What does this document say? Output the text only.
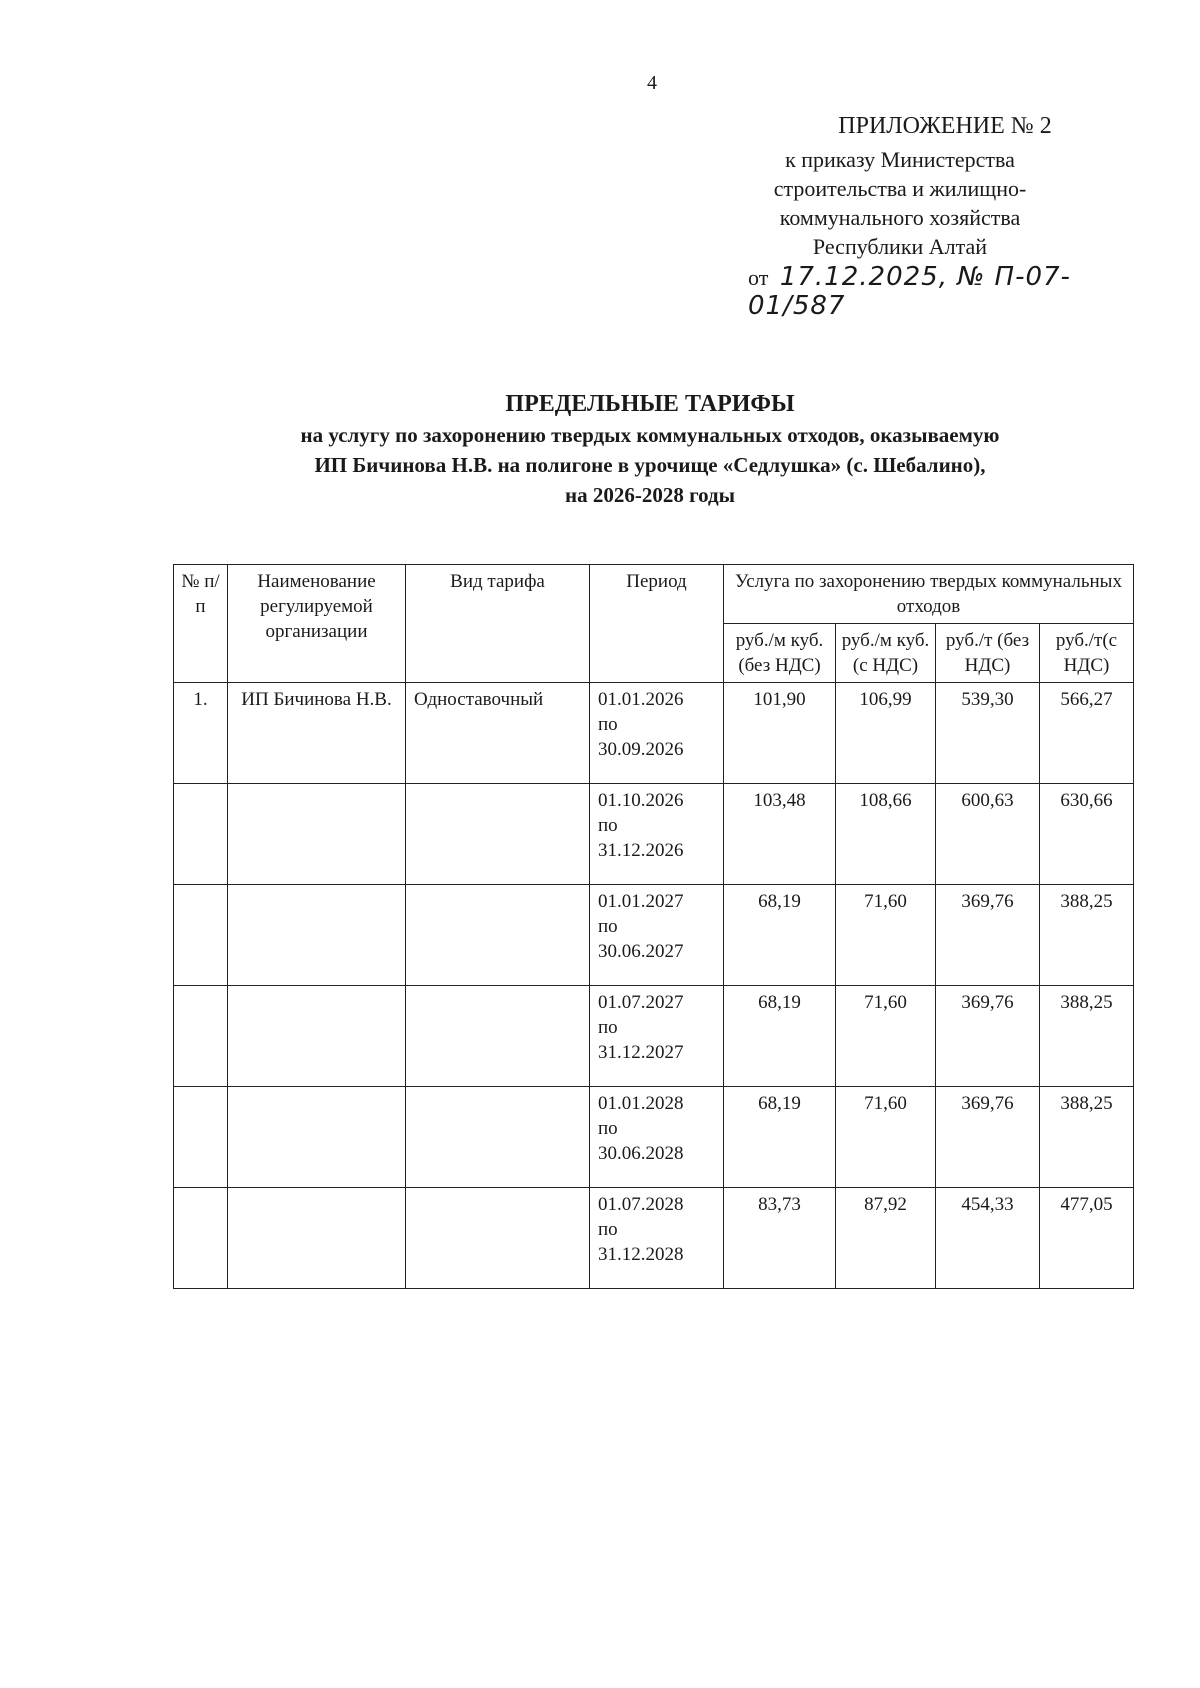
4
ПРИЛОЖЕНИЕ № 2
к приказу Министерства
строительства и жилищно-
коммунального хозяйства
Республики Алтай
от 17.12.2025, № П-07-01/587
ПРЕДЕЛЬНЫЕ ТАРИФЫ
на услугу по захоронению твердых коммунальных отходов, оказываемую
ИП Бичинова Н.В. на полигоне в урочище «Седлушка» (с. Шебалино),
на 2026-2028 годы
№ п/п	Наименование регулируемой организации	Вид тарифа	Период	Услуга по захоронению твердых коммунальных отходов			
				руб./м куб.(без НДС)	руб./м куб. (с НДС)	руб./т (без НДС)	руб./т(с НДС)
1.	ИП Бичинова Н.В.	Одноставочный	01.01.2026
по
30.09.2026	101,90	106,99	539,30	566,27

			01.10.2026
по
31.12.2026	103,48	108,66	600,63	630,66

			01.01.2027
по
30.06.2027	68,19	71,60	369,76	388,25

			01.07.2027
по
31.12.2027	68,19	71,60	369,76	388,25

			01.01.2028
по
30.06.2028	68,19	71,60	369,76	388,25

			01.07.2028
по
31.12.2028	83,73	87,92	454,33	477,05
